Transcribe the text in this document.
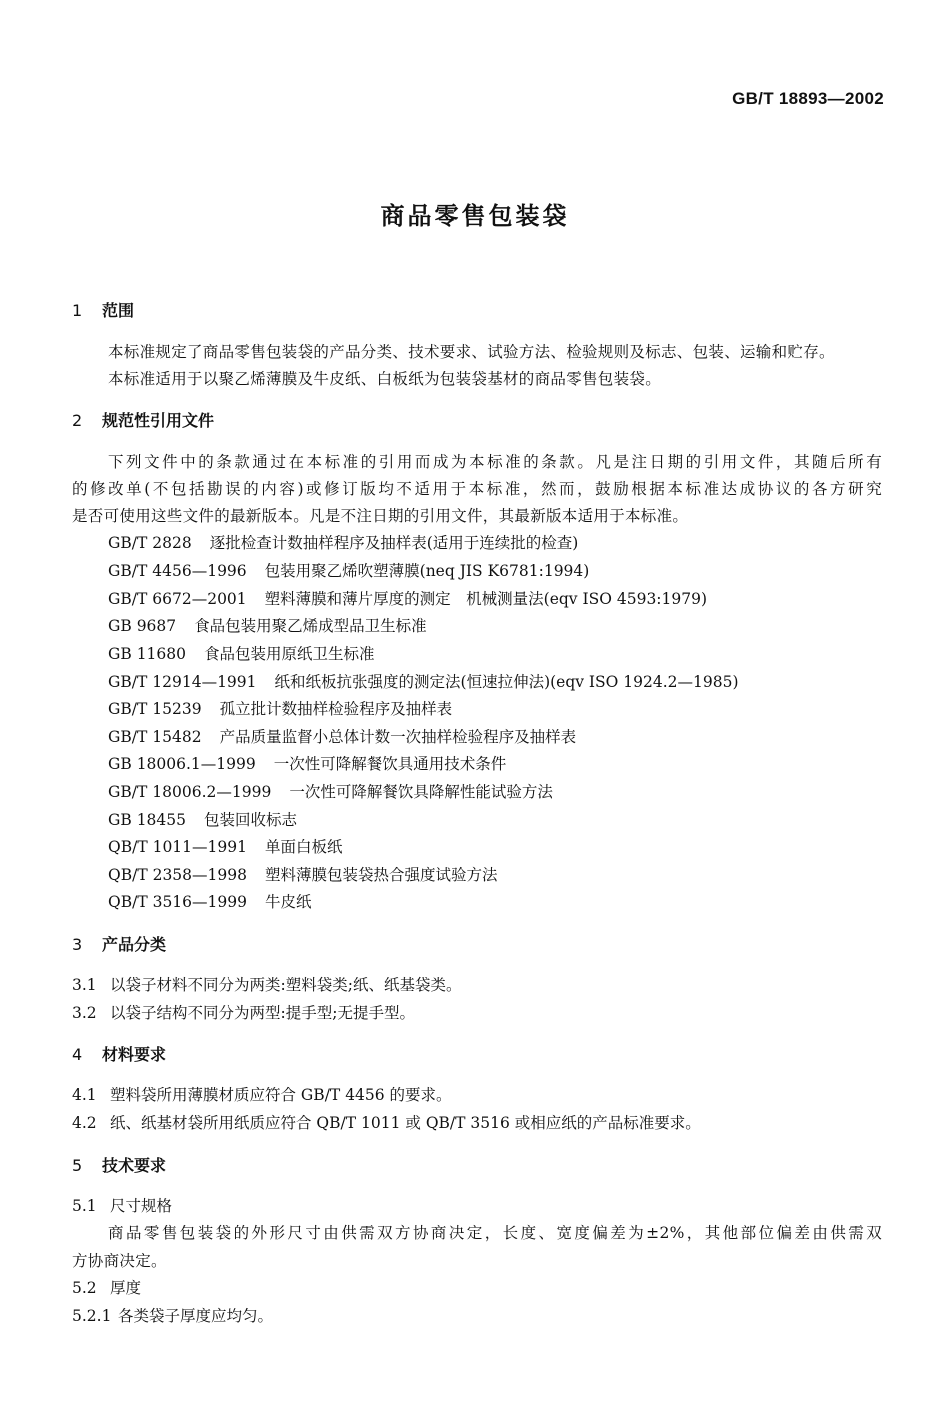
GB/T 18893—2002
商品零售包装袋
1 范围
本标准规定了商品零售包装袋的产品分类、技术要求、试验方法、检验规则及标志、包装、运输和贮存。
本标准适用于以聚乙烯薄膜及牛皮纸、白板纸为包装袋基材的商品零售包装袋。
2 规范性引用文件
下列文件中的条款通过在本标准的引用而成为本标准的条款。凡是注日期的引用文件，其随后所有
的修改单(不包括勘误的内容)或修订版均不适用于本标准，然而，鼓励根据本标准达成协议的各方研究
是否可使用这些文件的最新版本。凡是不注日期的引用文件，其最新版本适用于本标准。
GB/T 2828 逐批检查计数抽样程序及抽样表(适用于连续批的检查)
GB/T 4456—1996 包装用聚乙烯吹塑薄膜(neq JIS K6781:1994)
GB/T 6672—2001 塑料薄膜和薄片厚度的测定　机械测量法(eqv ISO 4593:1979)
GB 9687 食品包装用聚乙烯成型品卫生标准
GB 11680 食品包装用原纸卫生标准
GB/T 12914—1991 纸和纸板抗张强度的测定法(恒速拉伸法)(eqv ISO 1924.2—1985)
GB/T 15239 孤立批计数抽样检验程序及抽样表
GB/T 15482 产品质量监督小总体计数一次抽样检验程序及抽样表
GB 18006.1—1999 一次性可降解餐饮具通用技术条件
GB/T 18006.2—1999 一次性可降解餐饮具降解性能试验方法
GB 18455 包装回收标志
QB/T 1011—1991 单面白板纸
QB/T 2358—1998 塑料薄膜包装袋热合强度试验方法
QB/T 3516—1999 牛皮纸
3 产品分类
3.1 以袋子材料不同分为两类:塑料袋类;纸、纸基袋类。
3.2 以袋子结构不同分为两型:提手型;无提手型。
4 材料要求
4.1 塑料袋所用薄膜材质应符合 GB/T 4456 的要求。
4.2 纸、纸基材袋所用纸质应符合 QB/T 1011 或 QB/T 3516 或相应纸的产品标准要求。
5 技术要求
5.1 尺寸规格
商品零售包装袋的外形尺寸由供需双方协商决定，长度、宽度偏差为±2%，其他部位偏差由供需双
方协商决定。
5.2 厚度
5.2.1 各类袋子厚度应均匀。
